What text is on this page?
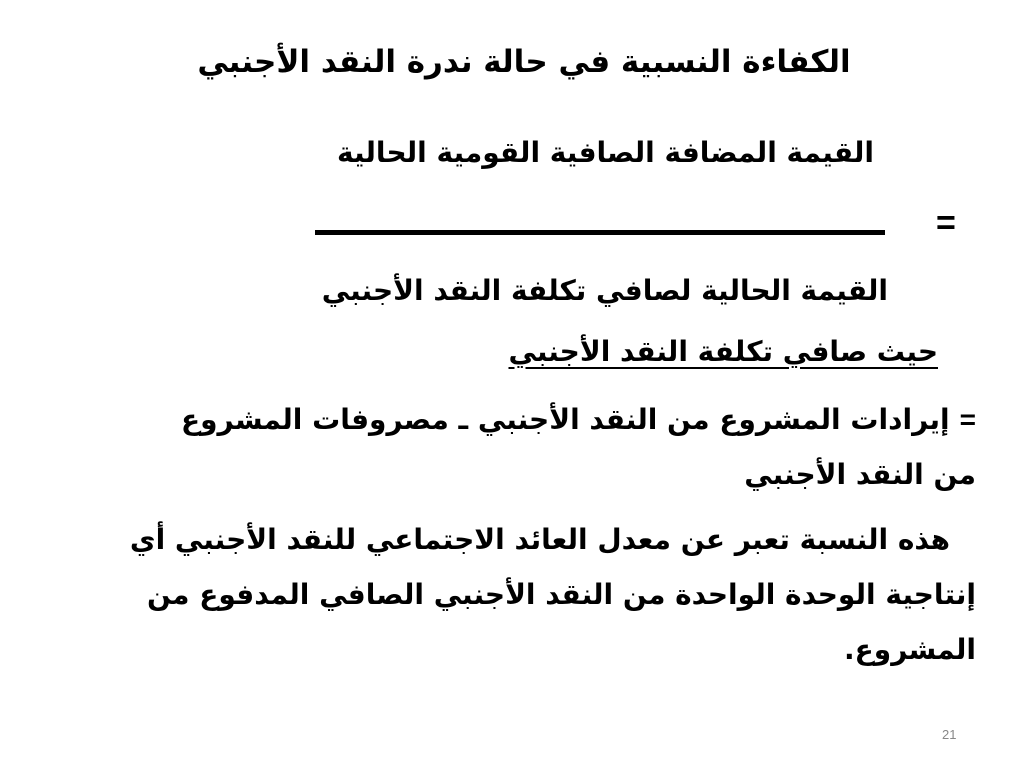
الكفاءة النسبية في حالة ندرة النقد الأجنبي
القيمة المضافة الصافية القومية الحالية
=
القيمة الحالية لصافي تكلفة النقد الأجنبي
حيث صافي تكلفة النقد الأجنبي
=إيرادات المشروع من النقد الأجنبي ـ مصروفات المشروع
من النقد الأجنبي
هذه النسبة تعبر عن معدل العائد الاجتماعي للنقد الأجنبي أي
إنتاجية الوحدة الواحدة من النقد الأجنبي الصافي المدفوع من
المشروع.
21
